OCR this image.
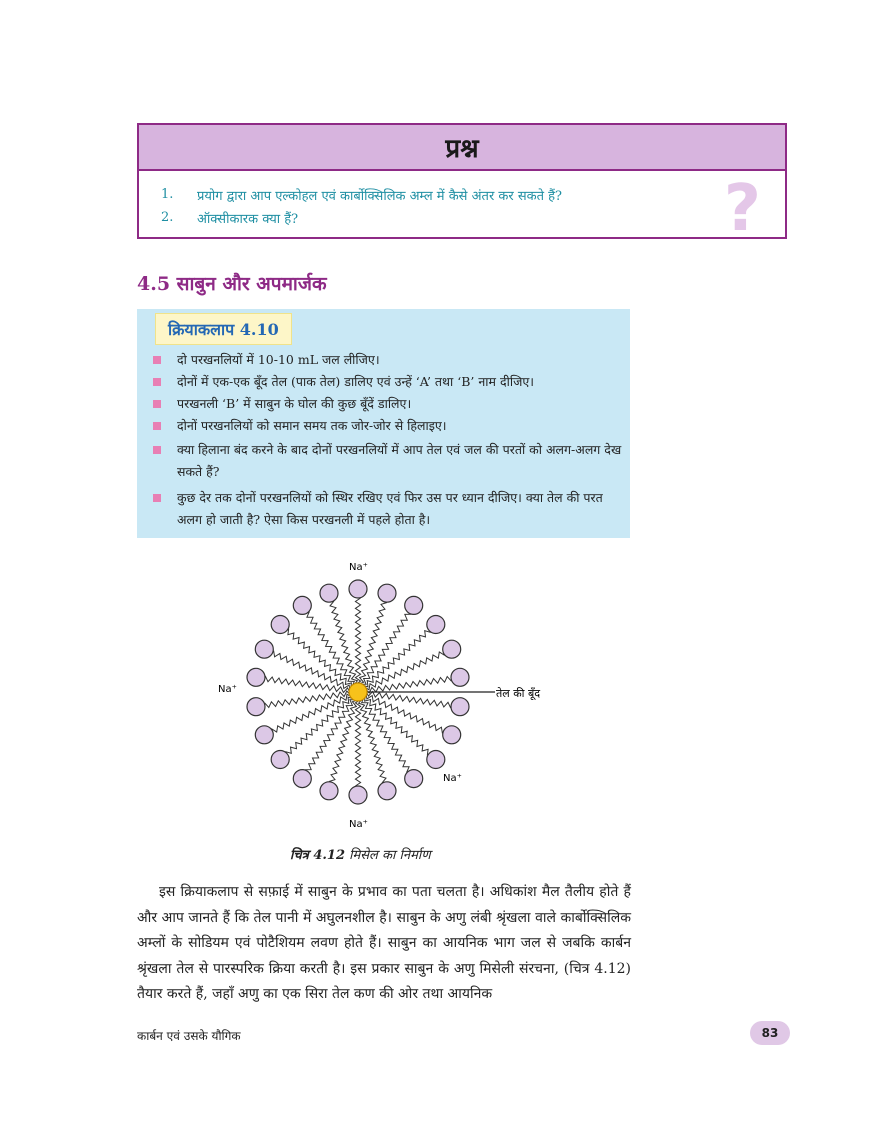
प्रश्न
1.	प्रयोग द्वारा आप एल्कोहल एवं कार्बोक्सिलिक अम्ल में कैसे अंतर कर सकते हैं?
2.	ऑक्सीकारक क्या हैं?	?
4.5 साबुन और अपमार्जक
क्रियाकलाप 4.10
दो परखनलियों में 10-10 mL जल लीजिए।
दोनों में एक-एक बूँद तेल (पाक तेल) डालिए एवं उन्हें ‘A’ तथा ‘B’ नाम दीजिए।
परखनली ‘B’ में साबुन के घोल की कुछ बूँदें डालिए।
दोनों परखनलियों को समान समय तक जोर-जोर से हिलाइए।
क्या हिलाना बंद करने के बाद दोनों परखनलियों में आप तेल एवं जल की परतों को अलग-अलग देख सकते हैं?
कुछ देर तक दोनों परखनलियों को स्थिर रखिए एवं फिर उस पर ध्यान दीजिए। क्या तेल की परत अलग हो जाती है? ऐसा किस परखनली में पहले होता है।
Na⁺
Na⁺
Na⁺
Na⁺
तेल की बूँद
चित्र 4.12 मिसेल का निर्माण
इस क्रियाकलाप से सफ़ाई में साबुन के प्रभाव का पता चलता है। अधिकांश मैल तैलीय होते हैं और आप जानते हैं कि तेल पानी में अघुलनशील है। साबुन के अणु लंबी श्रृंखला वाले कार्बोक्सिलिक अम्लों के सोडियम एवं पोटैशियम लवण होते हैं। साबुन का आयनिक भाग जल से जबकि कार्बन श्रृंखला तेल से पारस्परिक क्रिया करती है। इस प्रकार साबुन के अणु मिसेली संरचना, (चित्र 4.12) तैयार करते हैं, जहाँ अणु का एक सिरा तेल कण की ओर तथा आयनिक
कार्बन एवं उसके यौगिक	83
